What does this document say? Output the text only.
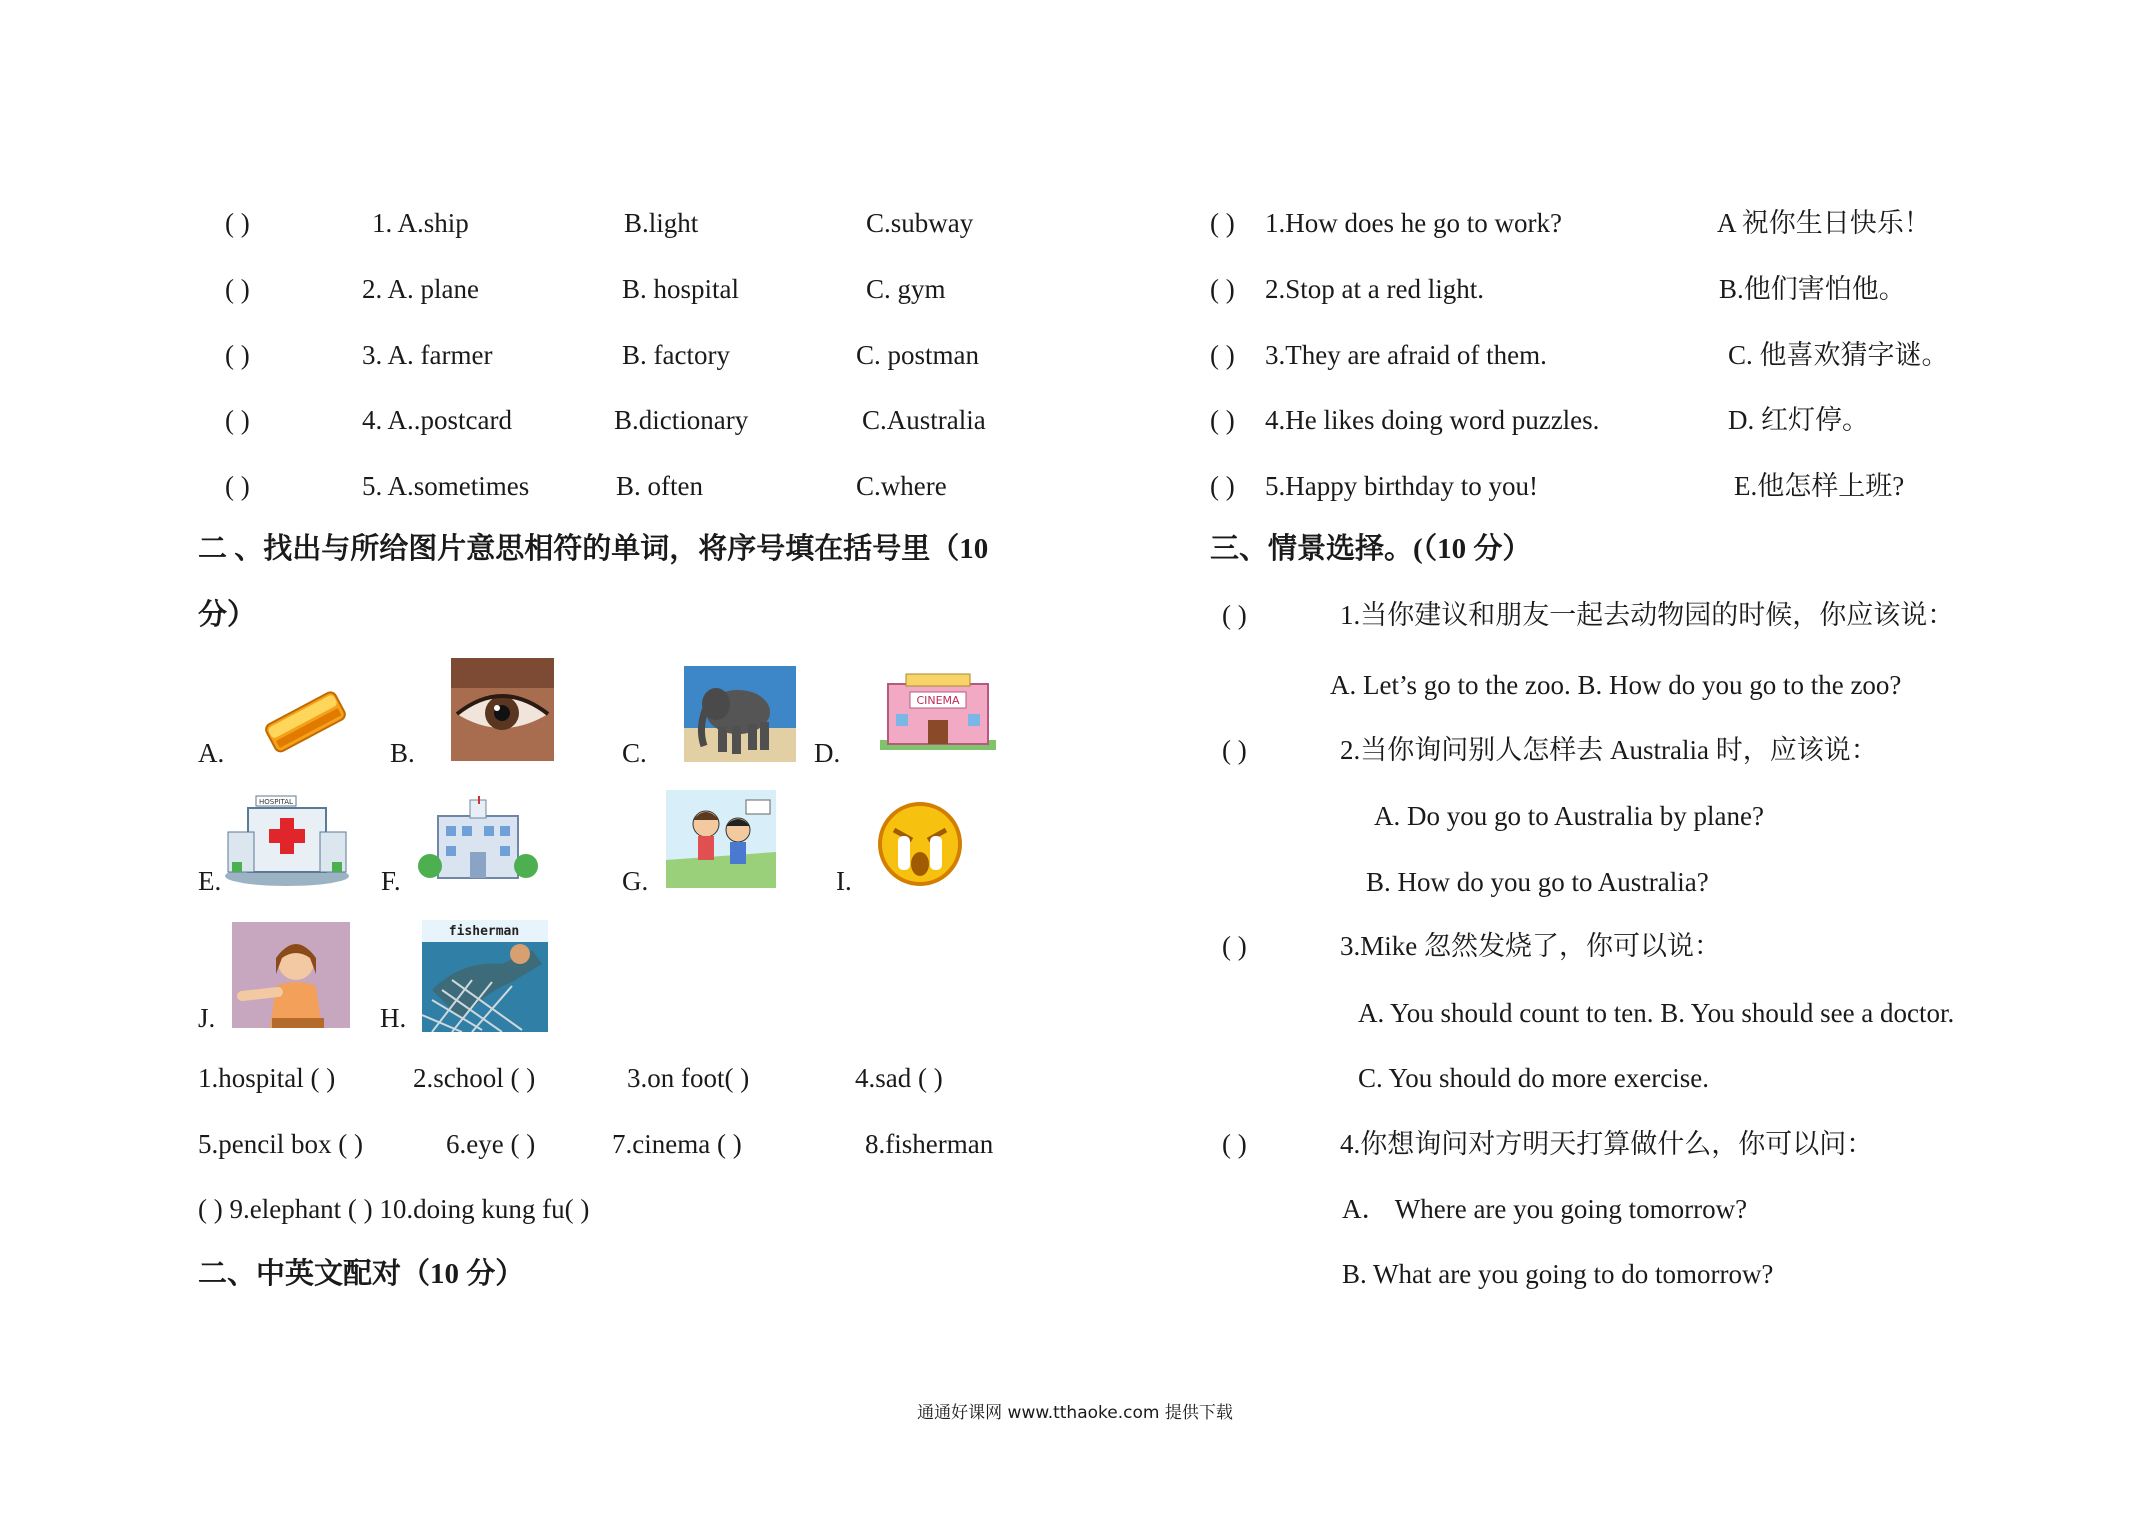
( )	1. A.ship	B.light	C.subway
( )	2. A. plane	B. hospital	C. gym
( )	3. A. farmer	B. factory	C. postman
( )	4. A..postcard	B.dictionary	C.Australia
( )	5. A.sometimes	B. often	C.where
二 、找出与所给图片意思相符的单词，将序号填在括号里（10
分）
A.	B.	C.	D.
CINEMA
E.
HOSPITAL
F.	G.	I.
J.	H.
fisherman
1.hospital ( )	2.school ( )	3.on foot( )	4.sad ( )
5.pencil box ( )	6.eye ( )	7.cinema ( )	8.fisherman
( ) 9.elephant ( ) 10.doing kung fu( )
二、中英文配对（10 分）
( ) 1.How does he go to work?	A 祝你生日快乐！
( ) 2.Stop at a red light.	B.他们害怕他。
( ) 3.They are afraid of them.	C. 他喜欢猜字谜。
( ) 4.He likes doing word puzzles.	D. 红灯停。
( ) 5.Happy birthday to you!	E.他怎样上班?
三、情景选择。(（10 分）
( )	1.当你建议和朋友一起去动物园的时候，你应该说：
A. Let’s go to the zoo. B. How do you go to the zoo?
( )	2.当你询问别人怎样去 Australia 时，应该说：
A. Do you go to Australia by plane?
B. How do you go to Australia?
( )	3.Mike 忽然发烧了，你可以说：
A. You should count to ten. B. You should see a doctor.
C. You should do more exercise.
( )	4.你想询问对方明天打算做什么，你可以问：
A． Where are you going tomorrow?
B. What are you going to do tomorrow?
通通好课网 www.tthaoke.com 提供下载
